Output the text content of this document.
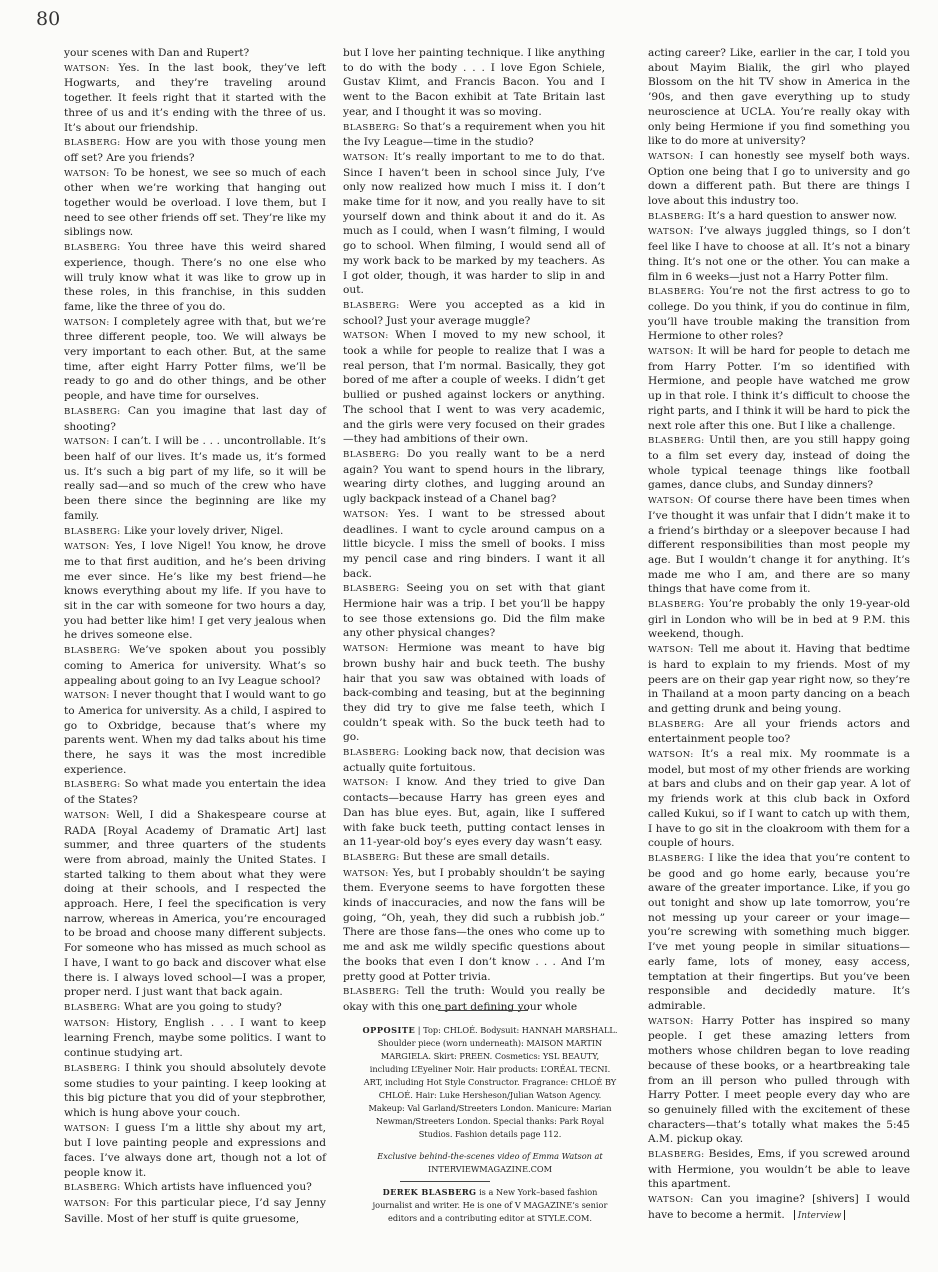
80

your scenes with Dan and Rupert?

WATSON: Yes. In the last book, they’ve left Hogwarts, and they’re traveling around together. It feels right that it started with the three of us and it’s ending with the three of us. It’s about our friendship.

BLASBERG: How are you with those young men off set? Are you friends?

WATSON: To be honest, we see so much of each other when we’re working that hanging out together would be overload. I love them, but I need to see other friends off set. They’re like my siblings now.

BLASBERG: You three have this weird shared experience, though. There’s no one else who will truly know what it was like to grow up in these roles, in this franchise, in this sudden fame, like the three of you do.

WATSON: I completely agree with that, but we’re three different people, too. We will always be very important to each other. But, at the same time, after eight Harry Potter films, we’ll be ready to go and do other things, and be other people, and have time for ourselves.

BLASBERG: Can you imagine that last day of shooting?

WATSON: I can’t. I will be . . . uncontrollable. It’s been half of our lives. It’s made us, it’s formed us. It’s such a big part of my life, so it will be really sad—and so much of the crew who have been there since the beginning are like my family.

BLASBERG: Like your lovely driver, Nigel.

WATSON: Yes, I love Nigel! You know, he drove me to that first audition, and he’s been driving me ever since. He’s like my best friend—he knows everything about my life. If you have to sit in the car with someone for two hours a day, you had better like him! I get very jealous when he drives someone else.

BLASBERG: We’ve spoken about you possibly coming to America for university. What’s so appealing about going to an Ivy League school?

WATSON: I never thought that I would want to go to America for university. As a child, I aspired to go to Oxbridge, because that’s where my parents went. When my dad talks about his time there, he says it was the most incredible experience.

BLASBERG: So what made you entertain the idea of the States?

WATSON: Well, I did a Shakespeare course at RADA [Royal Academy of Dramatic Art] last summer, and three quarters of the students were from abroad, mainly the United States. I started talking to them about what they were doing at their schools, and I respected the approach. Here, I feel the specification is very narrow, whereas in America, you’re encouraged to be broad and choose many different subjects. For someone who has missed as much school as I have, I want to go back and discover what else there is. I always loved school—I was a proper, proper nerd. I just want that back again.

BLASBERG: What are you going to study?

WATSON: History, English . . . I want to keep learning French, maybe some politics. I want to continue studying art.

BLASBERG: I think you should absolutely devote some studies to your painting. I keep looking at this big picture that you did of your stepbrother, which is hung above your couch.

WATSON: I guess I’m a little shy about my art, but I love painting people and expressions and faces. I’ve always done art, though not a lot of people know it.

BLASBERG: Which artists have influenced you?

WATSON: For this particular piece, I’d say Jenny Saville. Most of her stuff is quite gruesome,

but I love her painting technique. I like anything to do with the body . . . I love Egon Schiele, Gustav Klimt, and Francis Bacon. You and I went to the Bacon exhibit at Tate Britain last year, and I thought it was so moving.

BLASBERG: So that’s a requirement when you hit the Ivy League—time in the studio?

WATSON: It’s really important to me to do that. Since I haven’t been in school since July, I’ve only now realized how much I miss it. I don’t make time for it now, and you really have to sit yourself down and think about it and do it. As much as I could, when I wasn’t filming, I would go to school. When filming, I would send all of my work back to be marked by my teachers. As I got older, though, it was harder to slip in and out.

BLASBERG: Were you accepted as a kid in school? Just your average muggle?

WATSON: When I moved to my new school, it took a while for people to realize that I was a real person, that I’m normal. Basically, they got bored of me after a couple of weeks. I didn’t get bullied or pushed against lockers or anything. The school that I went to was very academic, and the girls were very focused on their grades—they had ambitions of their own.

BLASBERG: Do you really want to be a nerd again? You want to spend hours in the library, wearing dirty clothes, and lugging around an ugly backpack instead of a Chanel bag?

WATSON: Yes. I want to be stressed about deadlines. I want to cycle around campus on a little bicycle. I miss the smell of books. I miss my pencil case and ring binders. I want it all back.

BLASBERG: Seeing you on set with that giant Hermione hair was a trip. I bet you’ll be happy to see those extensions go. Did the film make any other physical changes?

WATSON: Hermione was meant to have big brown bushy hair and buck teeth. The bushy hair that you saw was obtained with loads of back-combing and teasing, but at the beginning they did try to give me false teeth, which I couldn’t speak with. So the buck teeth had to go.

BLASBERG: Looking back now, that decision was actually quite fortuitous.

WATSON: I know. And they tried to give Dan contacts—because Harry has green eyes and Dan has blue eyes. But, again, like I suffered with fake buck teeth, putting contact lenses in an 11-year-old boy’s eyes every day wasn’t easy.

BLASBERG: But these are small details.

WATSON: Yes, but I probably shouldn’t be saying them. Everyone seems to have forgotten these kinds of inaccuracies, and now the fans will be going, “Oh, yeah, they did such a rubbish job.” There are those fans—the ones who come up to me and ask me wildly specific questions about the books that even I don’t know . . . And I’m pretty good at Potter trivia.

BLASBERG: Tell the truth: Would you really be okay with this one part defining your whole

acting career? Like, earlier in the car, I told you about Mayim Bialik, the girl who played Blossom on the hit TV show in America in the ’90s, and then gave everything up to study neuroscience at UCLA. You’re really okay with only being Hermione if you find something you like to do more at university?

WATSON: I can honestly see myself both ways. Option one being that I go to university and go down a different path. But there are things I love about this industry too.

BLASBERG: It’s a hard question to answer now.

WATSON: I’ve always juggled things, so I don’t feel like I have to choose at all. It’s not a binary thing. It’s not one or the other. You can make a film in 6 weeks—just not a Harry Potter film.

BLASBERG: You’re not the first actress to go to college. Do you think, if you do continue in film, you’ll have trouble making the transition from Hermione to other roles?

WATSON: It will be hard for people to detach me from Harry Potter. I’m so identified with Hermione, and people have watched me grow up in that role. I think it’s difficult to choose the right parts, and I think it will be hard to pick the next role after this one. But I like a challenge.

BLASBERG: Until then, are you still happy going to a film set every day, instead of doing the whole typical teenage things like football games, dance clubs, and Sunday dinners?

WATSON: Of course there have been times when I’ve thought it was unfair that I didn’t make it to a friend’s birthday or a sleepover because I had different responsibilities than most people my age. But I wouldn’t change it for anything. It’s made me who I am, and there are so many things that have come from it.

BLASBERG: You’re probably the only 19-year-old girl in London who will be in bed at 9 P.M. this weekend, though.

WATSON: Tell me about it. Having that bedtime is hard to explain to my friends. Most of my peers are on their gap year right now, so they’re in Thailand at a moon party dancing on a beach and getting drunk and being young.

BLASBERG: Are all your friends actors and entertainment people too?

WATSON: It’s a real mix. My roommate is a model, but most of my other friends are working at bars and clubs and on their gap year. A lot of my friends work at this club back in Oxford called Kukui, so if I want to catch up with them, I have to go sit in the cloakroom with them for a couple of hours.

BLASBERG: I like the idea that you’re content to be good and go home early, because you’re aware of the greater importance. Like, if you go out tonight and show up late tomorrow, you’re not messing up your career or your image—you’re screwing with something much bigger. I’ve met young people in similar situations—early fame, lots of money, easy access, temptation at their fingertips. But you’ve been responsible and decidedly mature. It’s admirable.

WATSON: Harry Potter has inspired so many people. I get these amazing letters from mothers whose children began to love reading because of these books, or a heartbreaking tale from an ill person who pulled through with Harry Potter. I meet people every day who are so genuinely filled with the excitement of these characters—that’s totally what makes the 5:45 A.M. pickup okay.

BLASBERG: Besides, Ems, if you screwed around with Hermione, you wouldn’t be able to leave this apartment.

WATSON: Can you imagine? [shivers] I would have to become a hermit. Interview

OPPOSITE | Top: CHLOÉ. Bodysuit: HANNAH MARSHALL. Shoulder piece (worn underneath): MAISON MARTIN MARGIELA. Skirt: PREEN. Cosmetics: YSL BEAUTY, including L’Eyeliner Noir. Hair products: L’ORÉAL TECNI. ART, including Hot Style Constructor. Fragrance: CHLOÉ BY CHLOÉ. Hair: Luke Hersheson/Julian Watson Agency. Makeup: Val Garland/Streeters London. Manicure: Marian Newman/Streeters London. Special thanks: Park Royal Studios. Fashion details page 112.

Exclusive behind-the-scenes video of Emma Watson at
INTERVIEWMAGAZINE.COM

DEREK BLASBERG is a New York–based fashion journalist and writer. He is one of V MAGAZINE’s senior editors and a contributing editor at STYLE.COM.
